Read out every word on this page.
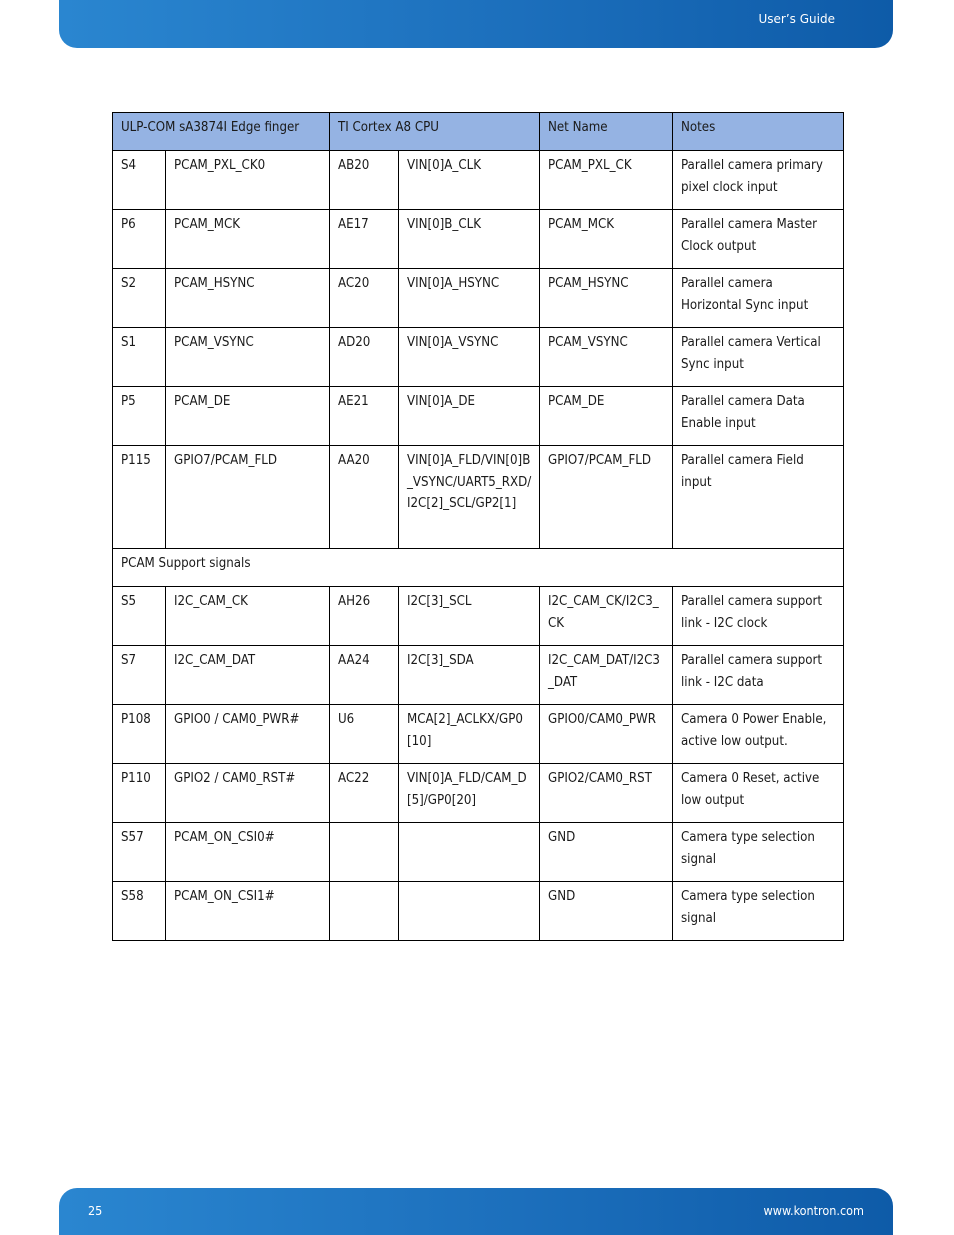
User’s Guide
ULP-COM sA3874I Edge finger		TI Cortex A8 CPU		Net Name	Notes
S4	PCAM_PXL_CK0	AB20	VIN[0]A_CLK	PCAM_PXL_CK	Parallel camera primary pixel clock input
P6	PCAM_MCK	AE17	VIN[0]B_CLK	PCAM_MCK	Parallel camera Master Clock output
S2	PCAM_HSYNC	AC20	VIN[0]A_HSYNC	PCAM_HSYNC	Parallel camera Horizontal Sync input
S1	PCAM_VSYNC	AD20	VIN[0]A_VSYNC	PCAM_VSYNC	Parallel camera Vertical Sync input
P5	PCAM_DE	AE21	VIN[0]A_DE	PCAM_DE	Parallel camera Data Enable input
P115	GPIO7/PCAM_FLD	AA20	VIN[0]A_FLD/VIN[0]B_VSYNC/UART5_RXD/I2C[2]_SCL/GP2[1]	GPIO7/PCAM_FLD	Parallel camera Field input
PCAM Support signals					
S5	I2C_CAM_CK	AH26	I2C[3]_SCL	I2C_CAM_CK/I2C3_CK	Parallel camera support link - I2C clock
S7	I2C_CAM_DAT	AA24	I2C[3]_SDA	I2C_CAM_DAT/I2C3_DAT	Parallel camera support link - I2C data
P108	GPIO0 / CAM0_PWR#	U6	MCA[2]_ACLKX/GP0[10]	GPIO0/CAM0_PWR	Camera 0 Power Enable, active low output.
P110	GPIO2 / CAM0_RST#	AC22	VIN[0]A_FLD/CAM_D[5]/GP0[20]	GPIO2/CAM0_RST	Camera 0 Reset, active low output
S57	PCAM_ON_CSI0#			GND	Camera type selection signal
S58	PCAM_ON_CSI1#			GND	Camera type selection signal
25	www.kontron.com
